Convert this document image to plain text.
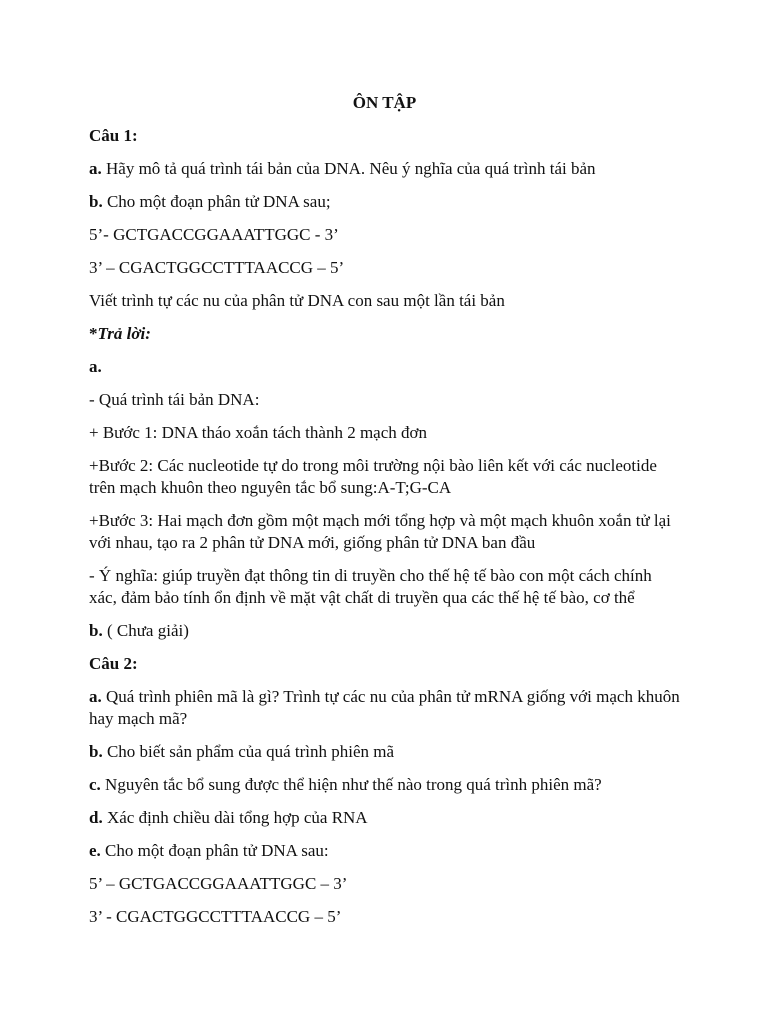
ÔN TẬP
Câu 1:
a. Hãy mô tả quá trình tái bản của DNA. Nêu ý nghĩa của quá trình tái bản
b. Cho một đoạn phân tử DNA sau;
5’- GCTGACCGGAAATTGGC - 3’
3’ – CGACTGGCCTTTAACCG – 5’
Viết trình tự các nu của phân tử DNA con sau một lần tái bản
*Trả lời:
a.
- Quá trình tái bản DNA:
+ Bước 1: DNA tháo xoắn tách thành 2 mạch đơn
+Bước 2: Các nucleotide tự do trong môi trường nội bào liên kết với các nucleotide trên mạch khuôn theo nguyên tắc bổ sung:A-T;G-CA
+Bước 3: Hai mạch đơn gồm một mạch mới tổng hợp và một mạch khuôn xoắn tử lại với nhau, tạo ra 2 phân tử DNA mới, giống phân tử DNA ban đầu
- Ý nghĩa: giúp truyền đạt thông tin di truyền cho thế hệ tế bào con một cách chính xác, đảm bảo tính ổn định về mặt vật chất di truyền qua các thế hệ tế bào, cơ thể
b. ( Chưa giải)
Câu 2:
a. Quá trình phiên mã là gì? Trình tự các nu của phân tử mRNA giống với mạch khuôn hay mạch mã?
b. Cho biết sản phẩm của quá trình phiên mã
c. Nguyên tắc bổ sung được thể hiện như thế nào trong quá trình phiên mã?
d. Xác định chiều dài tổng hợp của RNA
e. Cho một đoạn phân tử DNA sau:
5’ – GCTGACCGGAAATTGGC – 3’
3’ - CGACTGGCCTTTAACCG – 5’
